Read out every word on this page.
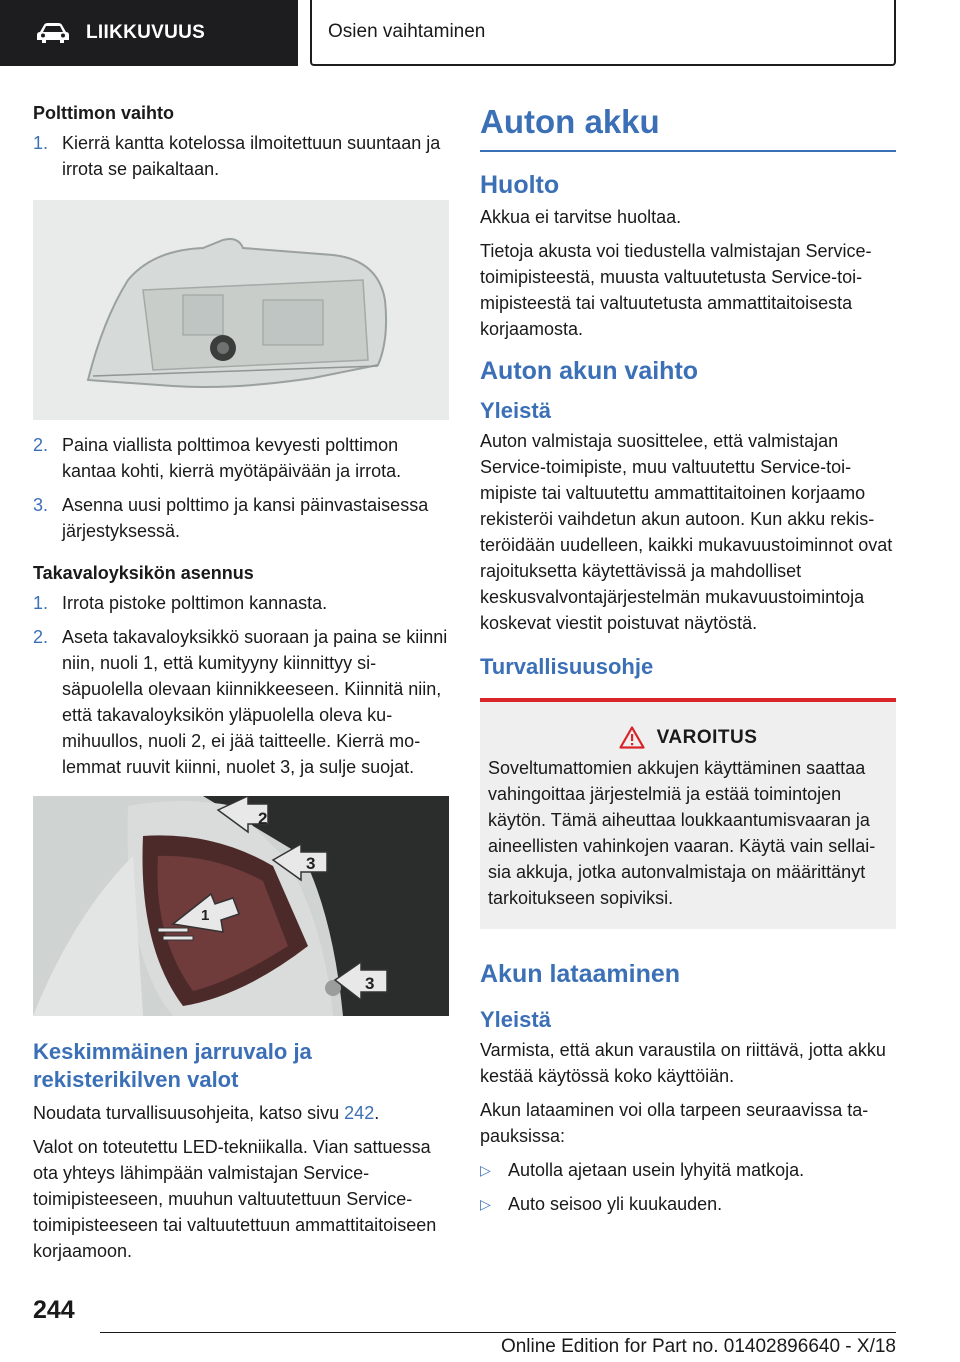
LIIKKUVUUS	Osien vaihtaminen
Polttimon vaihto
1. Kierrä kantta kotelossa ilmoitettuun suuntaan ja irrota se paikaltaan.
2. Paina viallista polttimoa kevyesti polttimon kantaa kohti, kierrä myötäpäivään ja irrota.
3. Asenna uusi polttimo ja kansi päinvastaisessa järjestyksessä.
Takavaloyksikön asennus
1. Irrota pistoke polttimon kannasta.
2. Aseta takavaloyksikkö suoraan ja paina se kiinni niin, nuoli 1, että kumityyny kiinnittyy sisäpuolella olevaan kiinnikkeeseen. Kiinnitä niin, että takavaloyksikön yläpuolella oleva kumihuullos, nuoli 2, ei jää taitteelle. Kierrä molemmat ruuvit kiinni, nuolet 3, ja sulje suojat.
2
3
1
3
Keskimmäinen jarruvalo ja rekisterikilven valot

Noudata turvallisuusohjeita, katso sivu 242.

Valot on toteutettu LED-tekniikalla. Vian sattuessa ota yhteys lähimpään valmistajan Service-toimipisteeseen, muuhun valtuutettuun Service-toimipisteeseen tai valtuutettuun ammattitaitoiseen korjaamoon.

Auton akku
Huolto

Akkua ei tarvitse huoltaa.

Tietoja akusta voi tiedustella valmistajan Service-toimipisteestä, muusta valtuutetusta Service-toimipisteestä tai valtuutetusta ammattitaitoisesta korjaamosta.

Auton akun vaihto
Yleistä

Auton valmistaja suosittelee, että valmistajan Service-toimipiste, muu valtuutettu Service-toimipiste tai valtuutettu ammattitaitoinen korjaamo rekisteröi vaihdetun akun autoon. Kun akku rekisteröidään uudelleen, kaikki mukavuustoiminnot ovat rajoituksetta käytettävissä ja mahdolliset keskusvalvontajärjestelmän mukavuustoimintoja koskevat viestit poistuvat näytöstä.

Turvallisuusohje
VAROITUS

Soveltumattomien akkujen käyttäminen saattaa vahingoittaa järjestelmiä ja estää toimintojen käytön. Tämä aiheuttaa loukkaantumisvaaran ja aineellisten vahinkojen vaaran. Käytä vain sellaisia akkuja, jotka autonvalmistaja on määrittänyt tarkoitukseen sopiviksi.

Akun lataaminen
Yleistä

Varmista, että akun varaustila on riittävä, jotta akku kestää käytössä koko käyttöiän.

Akun lataaminen voi olla tarpeen seuraavissa tapauksissa:

▷ Autolla ajetaan usein lyhyitä matkoja.
▷ Auto seisoo yli kuukauden.
244
Online Edition for Part no. 01402896640 - X/18
